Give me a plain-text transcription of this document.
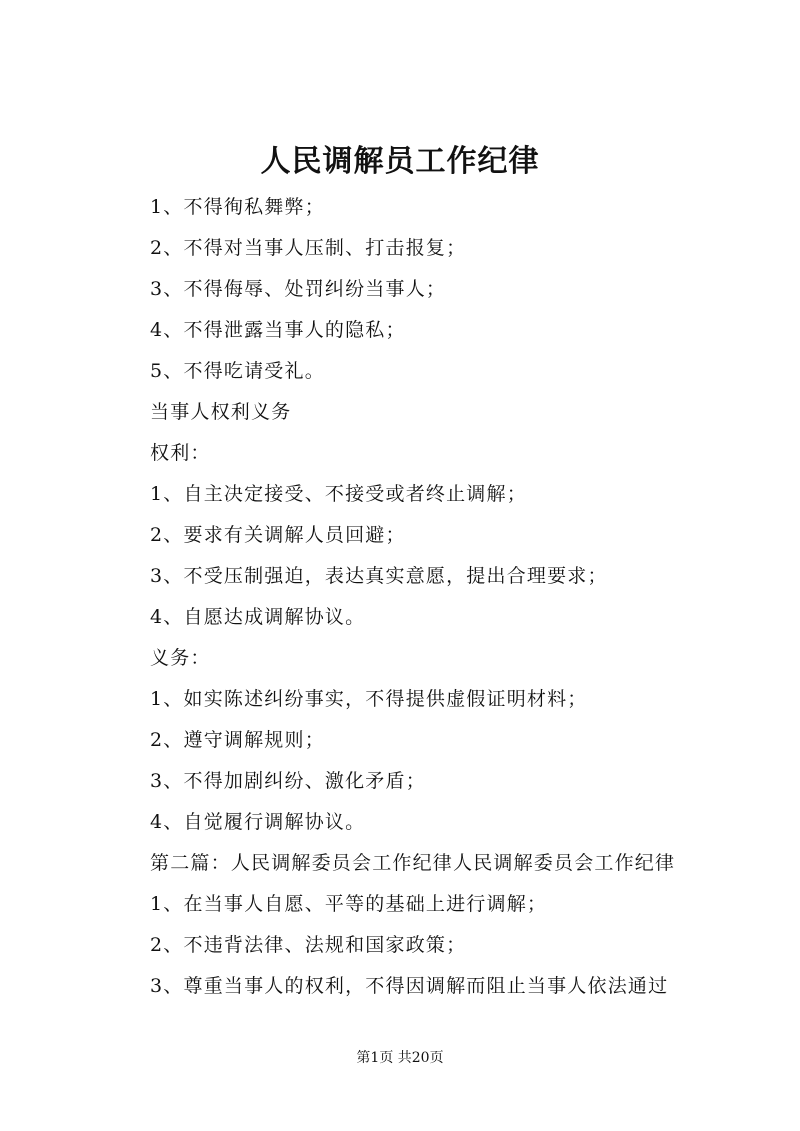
人民调解员工作纪律
1、不得徇私舞弊；
2、不得对当事人压制、打击报复；
3、不得侮辱、处罚纠纷当事人；
4、不得泄露当事人的隐私；
5、不得吃请受礼。
当事人权利义务
权利：
1、自主决定接受、不接受或者终止调解；
2、要求有关调解人员回避；
3、不受压制强迫，表达真实意愿，提出合理要求；
4、自愿达成调解协议。
义务：
1、如实陈述纠纷事实，不得提供虚假证明材料；
2、遵守调解规则；
3、不得加剧纠纷、激化矛盾；
4、自觉履行调解协议。
第二篇：人民调解委员会工作纪律人民调解委员会工作纪律
1、在当事人自愿、平等的基础上进行调解；
2、不违背法律、法规和国家政策；
3、尊重当事人的权利，不得因调解而阻止当事人依法通过
第1页 共20页
